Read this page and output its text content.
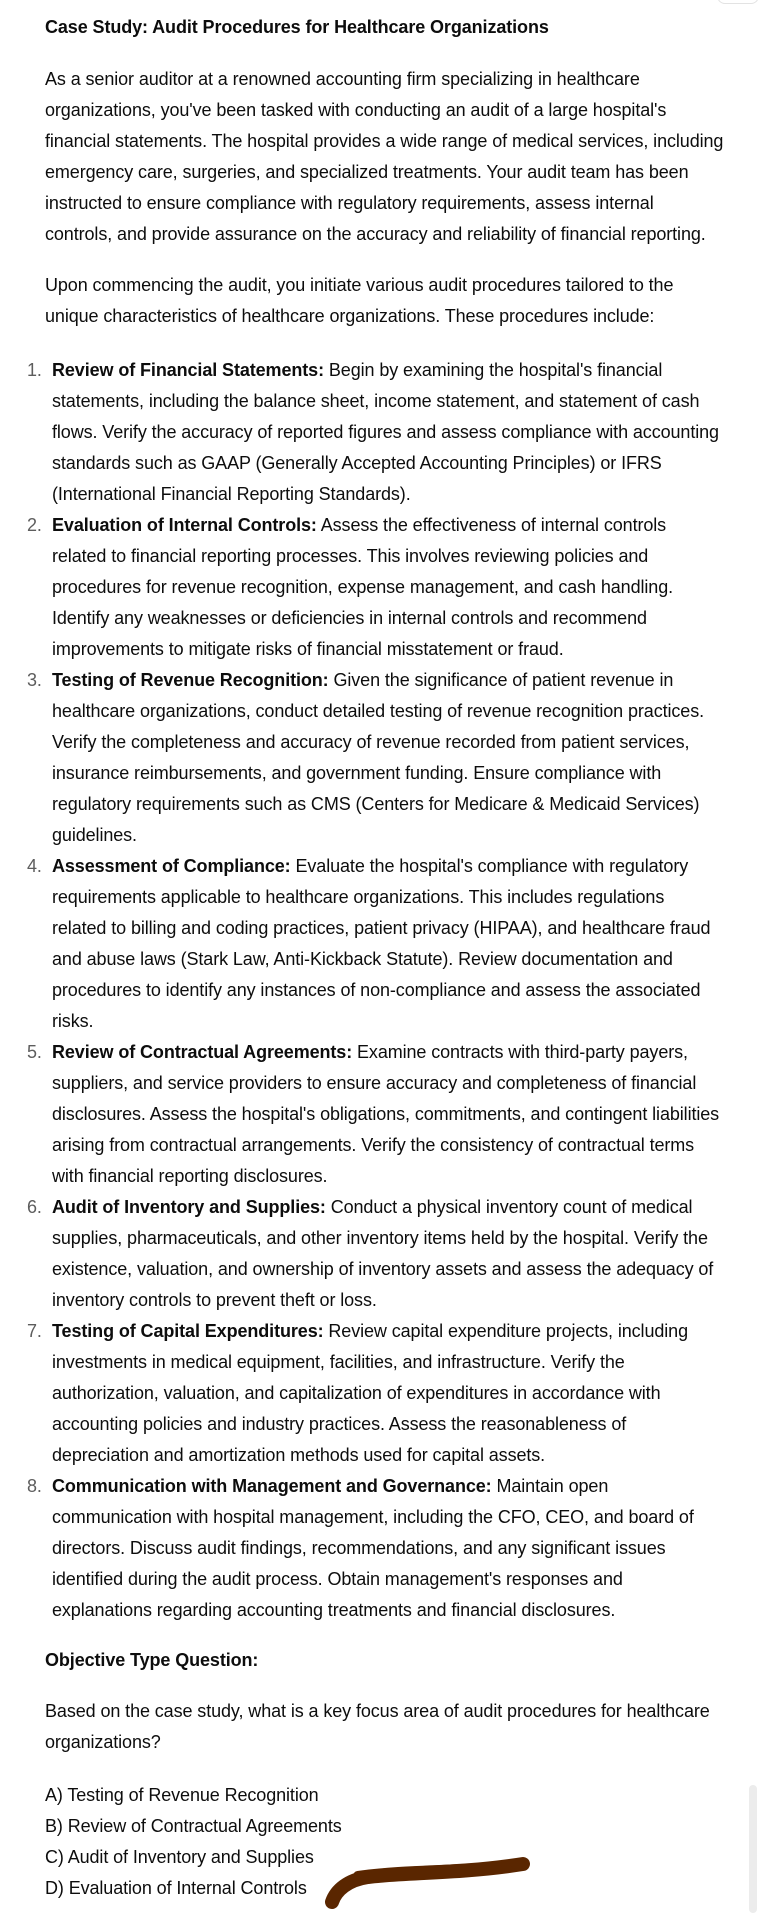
Case Study: Audit Procedures for Healthcare Organizations

As a senior auditor at a renowned accounting firm specializing in healthcare organizations, you've been tasked with conducting an audit of a large hospital's financial statements. The hospital provides a wide range of medical services, including emergency care, surgeries, and specialized treatments. Your audit team has been instructed to ensure compliance with regulatory requirements, assess internal controls, and provide assurance on the accuracy and reliability of financial reporting.

Upon commencing the audit, you initiate various audit procedures tailored to the unique characteristics of healthcare organizations. These procedures include:

1. Review of Financial Statements: Begin by examining the hospital's financial statements, including the balance sheet, income statement, and statement of cash flows. Verify the accuracy of reported figures and assess compliance with accounting standards such as GAAP (Generally Accepted Accounting Principles) or IFRS (International Financial Reporting Standards).
2. Evaluation of Internal Controls: Assess the effectiveness of internal controls related to financial reporting processes. This involves reviewing policies and procedures for revenue recognition, expense management, and cash handling. Identify any weaknesses or deficiencies in internal controls and recommend improvements to mitigate risks of financial misstatement or fraud.
3. Testing of Revenue Recognition: Given the significance of patient revenue in healthcare organizations, conduct detailed testing of revenue recognition practices. Verify the completeness and accuracy of revenue recorded from patient services, insurance reimbursements, and government funding. Ensure compliance with regulatory requirements such as CMS (Centers for Medicare & Medicaid Services) guidelines.
4. Assessment of Compliance: Evaluate the hospital's compliance with regulatory requirements applicable to healthcare organizations. This includes regulations related to billing and coding practices, patient privacy (HIPAA), and healthcare fraud and abuse laws (Stark Law, Anti-Kickback Statute). Review documentation and procedures to identify any instances of non-compliance and assess the associated risks.
5. Review of Contractual Agreements: Examine contracts with third-party payers, suppliers, and service providers to ensure accuracy and completeness of financial disclosures. Assess the hospital's obligations, commitments, and contingent liabilities arising from contractual arrangements. Verify the consistency of contractual terms with financial reporting disclosures.
6. Audit of Inventory and Supplies: Conduct a physical inventory count of medical supplies, pharmaceuticals, and other inventory items held by the hospital. Verify the existence, valuation, and ownership of inventory assets and assess the adequacy of inventory controls to prevent theft or loss.
7. Testing of Capital Expenditures: Review capital expenditure projects, including investments in medical equipment, facilities, and infrastructure. Verify the authorization, valuation, and capitalization of expenditures in accordance with accounting policies and industry practices. Assess the reasonableness of depreciation and amortization methods used for capital assets.
8. Communication with Management and Governance: Maintain open communication with hospital management, including the CFO, CEO, and board of directors. Discuss audit findings, recommendations, and any significant issues identified during the audit process. Obtain management's responses and explanations regarding accounting treatments and financial disclosures.
Objective Type Question:
Based on the case study, what is a key focus area of audit procedures for healthcare organizations?
A) Testing of Revenue Recognition
B) Review of Contractual Agreements
C) Audit of Inventory and Supplies
D) Evaluation of Internal Controls
